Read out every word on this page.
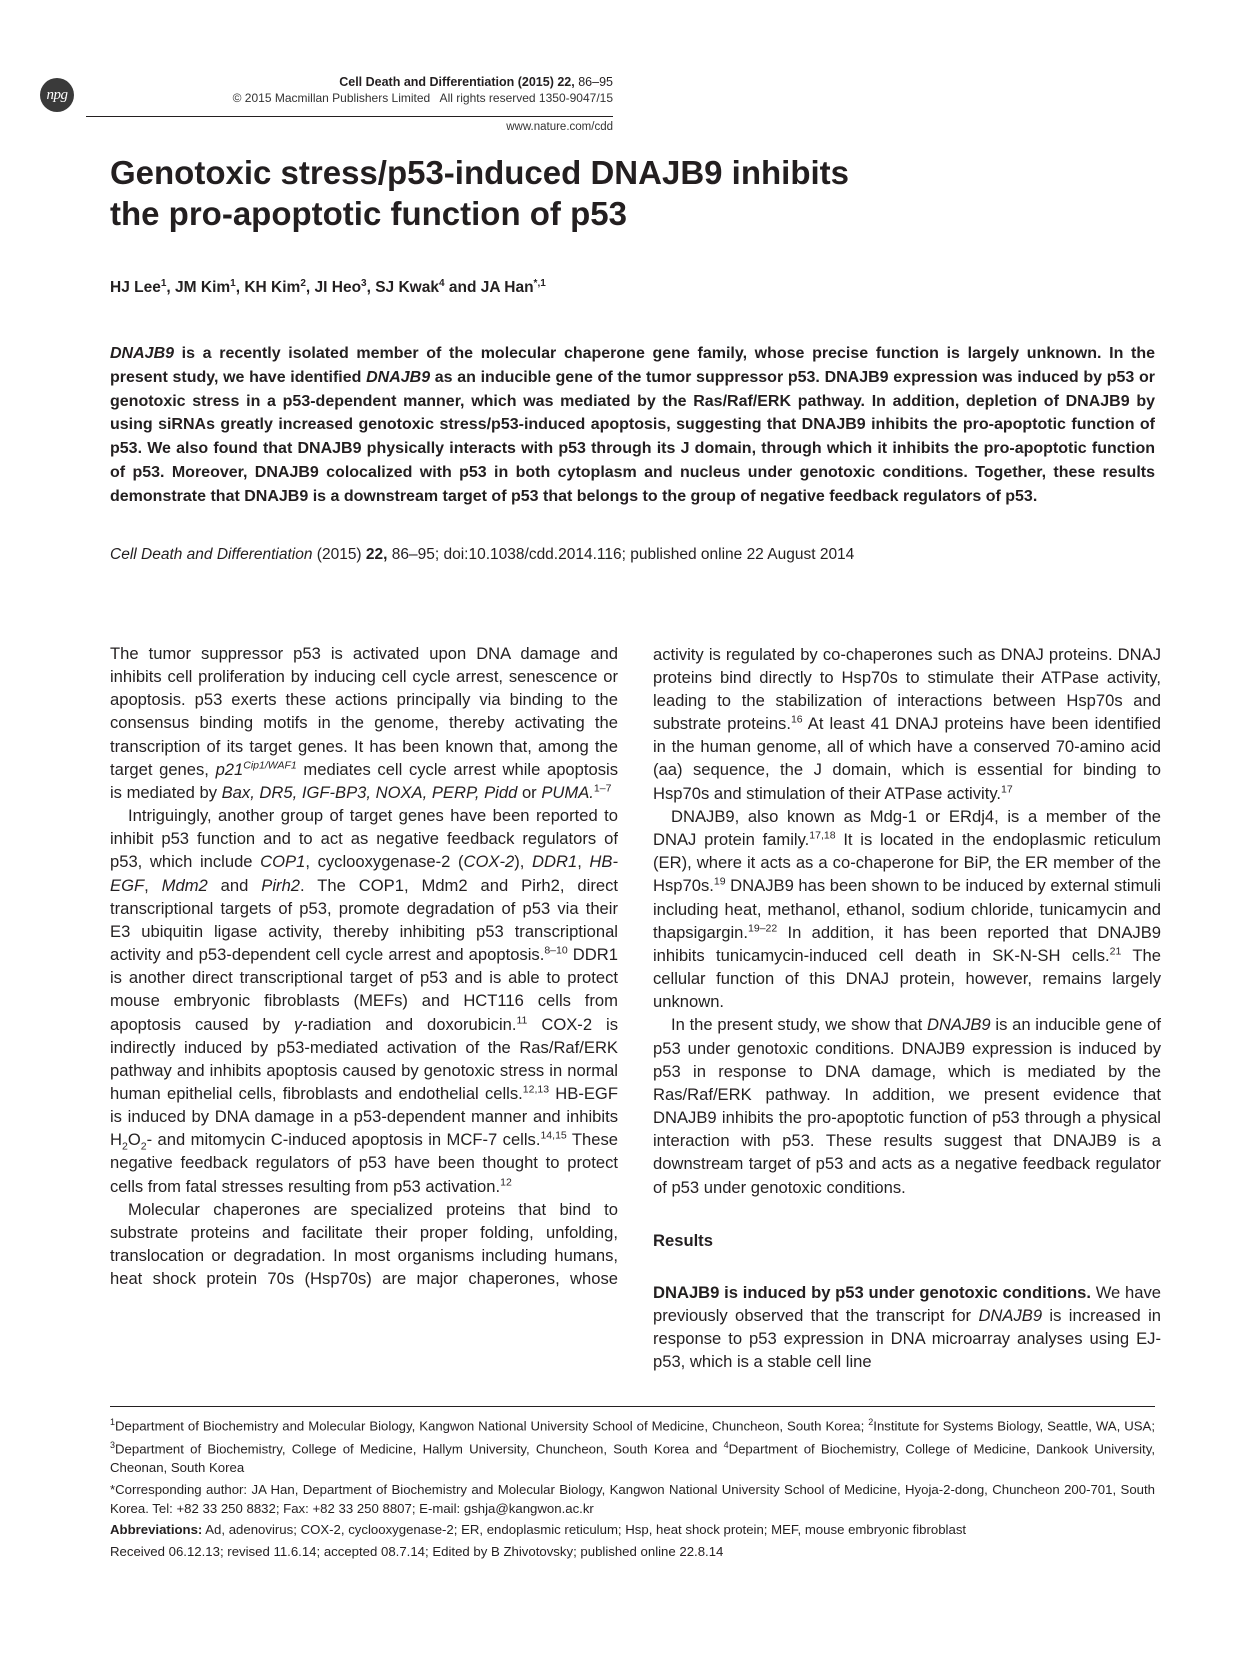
npg
Cell Death and Differentiation (2015) 22, 86–95
© 2015 Macmillan Publishers Limited   All rights reserved 1350-9047/15
www.nature.com/cdd
Genotoxic stress/p53-induced DNAJB9 inhibits
the pro-apoptotic function of p53
HJ Lee$^1$, JM Kim$^1$, KH Kim$^2$, JI Heo$^3$, SJ Kwak$^4$ and JA Han$^{*,1}$

DNAJB9 is a recently isolated member of the molecular chaperone gene family, whose precise function is largely unknown. In the present study, we have identified DNAJB9 as an inducible gene of the tumor suppressor p53. DNAJB9 expression was induced by p53 or genotoxic stress in a p53-dependent manner, which was mediated by the Ras/Raf/ERK pathway. In addition, depletion of DNAJB9 by using siRNAs greatly increased genotoxic stress/p53-induced apoptosis, suggesting that DNAJB9 inhibits the pro-apoptotic function of p53. We also found that DNAJB9 physically interacts with p53 through its J domain, through which it inhibits the pro-apoptotic function of p53. Moreover, DNAJB9 colocalized with p53 in both cytoplasm and nucleus under genotoxic conditions. Together, these results demonstrate that DNAJB9 is a downstream target of p53 that belongs to the group of negative feedback regulators of p53.

Cell Death and Differentiation (2015) 22, 86–95; doi:10.1038/cdd.2014.116; published online 22 August 2014

The tumor suppressor p53 is activated upon DNA damage and inhibits cell proliferation by inducing cell cycle arrest, senescence or apoptosis. p53 exerts these actions principally via binding to the consensus binding motifs in the genome, thereby activating the transcription of its target genes. It has been known that, among the target genes, $p21^{Cip1/WAF1}$ mediates cell cycle arrest while apoptosis is mediated by Bax, DR5, IGF-BP3, NOXA, PERP, Pidd or PUMA.$^{1-7}$

Intriguingly, another group of target genes have been reported to inhibit p53 function and to act as negative feedback regulators of p53, which include COP1, cyclooxygenase-2 (COX-2), DDR1, HB-EGF, Mdm2 and Pirh2. The COP1, Mdm2 and Pirh2, direct transcriptional targets of p53, promote degradation of p53 via their E3 ubiquitin ligase activity, thereby inhibiting p53 transcriptional activity and p53-dependent cell cycle arrest and apoptosis.$^{8-10}$ DDR1 is another direct transcriptional target of p53 and is able to protect mouse embryonic fibroblasts (MEFs) and HCT116 cells from apoptosis caused by γ-radiation and doxorubicin.$^{11}$ COX-2 is indirectly induced by p53-mediated activation of the Ras/Raf/ERK pathway and inhibits apoptosis caused by genotoxic stress in normal human epithelial cells, fibroblasts and endothelial cells.$^{12,13}$ HB-EGF is induced by DNA damage in a p53-dependent manner and inhibits $H_2O_2-$ and mitomycin C-induced apoptosis in MCF-7 cells.$^{14,15}$ These negative feedback regulators of p53 have been thought to protect cells from fatal stresses resulting from p53 activation.$^{12}$

Molecular chaperones are specialized proteins that bind to substrate proteins and facilitate their proper folding, unfolding, translocation or degradation. In most organisms including humans, heat shock protein 70s (Hsp70s) are major chaperones, whose

activity is regulated by co-chaperones such as DNAJ proteins. DNAJ proteins bind directly to Hsp70s to stimulate their ATPase activity, leading to the stabilization of interactions between Hsp70s and substrate proteins.$^{16}$ At least 41 DNAJ proteins have been identified in the human genome, all of which have a conserved 70-amino acid (aa) sequence, the J domain, which is essential for binding to Hsp70s and stimulation of their ATPase activity.$^{17}$

DNAJB9, also known as Mdg-1 or ERdj4, is a member of the DNAJ protein family.$^{17,18}$ It is located in the endoplasmic reticulum (ER), where it acts as a co-chaperone for BiP, the ER member of the Hsp70s.$^{19}$ DNAJB9 has been shown to be induced by external stimuli including heat, methanol, ethanol, sodium chloride, tunicamycin and thapsigargin.$^{19-22}$ In addition, it has been reported that DNAJB9 inhibits tunicamycin-induced cell death in SK-N-SH cells.$^{21}$ The cellular function of this DNAJ protein, however, remains largely unknown.

In the present study, we show that DNAJB9 is an inducible gene of p53 under genotoxic conditions. DNAJB9 expression is induced by p53 in response to DNA damage, which is mediated by the Ras/Raf/ERK pathway. In addition, we present evidence that DNAJB9 inhibits the pro-apoptotic function of p53 through a physical interaction with p53. These results suggest that DNAJB9 is a downstream target of p53 and acts as a negative feedback regulator of p53 under genotoxic conditions.

Results

DNAJB9 is induced by p53 under genotoxic conditions. We have previously observed that the transcript for DNAJB9 is increased in response to p53 expression in DNA microarray analyses using EJ-p53, which is a stable cell line

$^1$Department of Biochemistry and Molecular Biology, Kangwon National University School of Medicine, Chuncheon, South Korea; $^2$Institute for Systems Biology, Seattle, WA, USA; $^3$Department of Biochemistry, College of Medicine, Hallym University, Chuncheon, South Korea and $^4$Department of Biochemistry, College of Medicine, Dankook University, Cheonan, South Korea

*Corresponding author: JA Han, Department of Biochemistry and Molecular Biology, Kangwon National University School of Medicine, Hyoja-2-dong, Chuncheon 200-701, South Korea. Tel: +82 33 250 8832; Fax: +82 33 250 8807; E-mail: gshja@kangwon.ac.kr

Abbreviations: Ad, adenovirus; COX-2, cyclooxygenase-2; ER, endoplasmic reticulum; Hsp, heat shock protein; MEF, mouse embryonic fibroblast

Received 06.12.13; revised 11.6.14; accepted 08.7.14; Edited by B Zhivotovsky; published online 22.8.14
